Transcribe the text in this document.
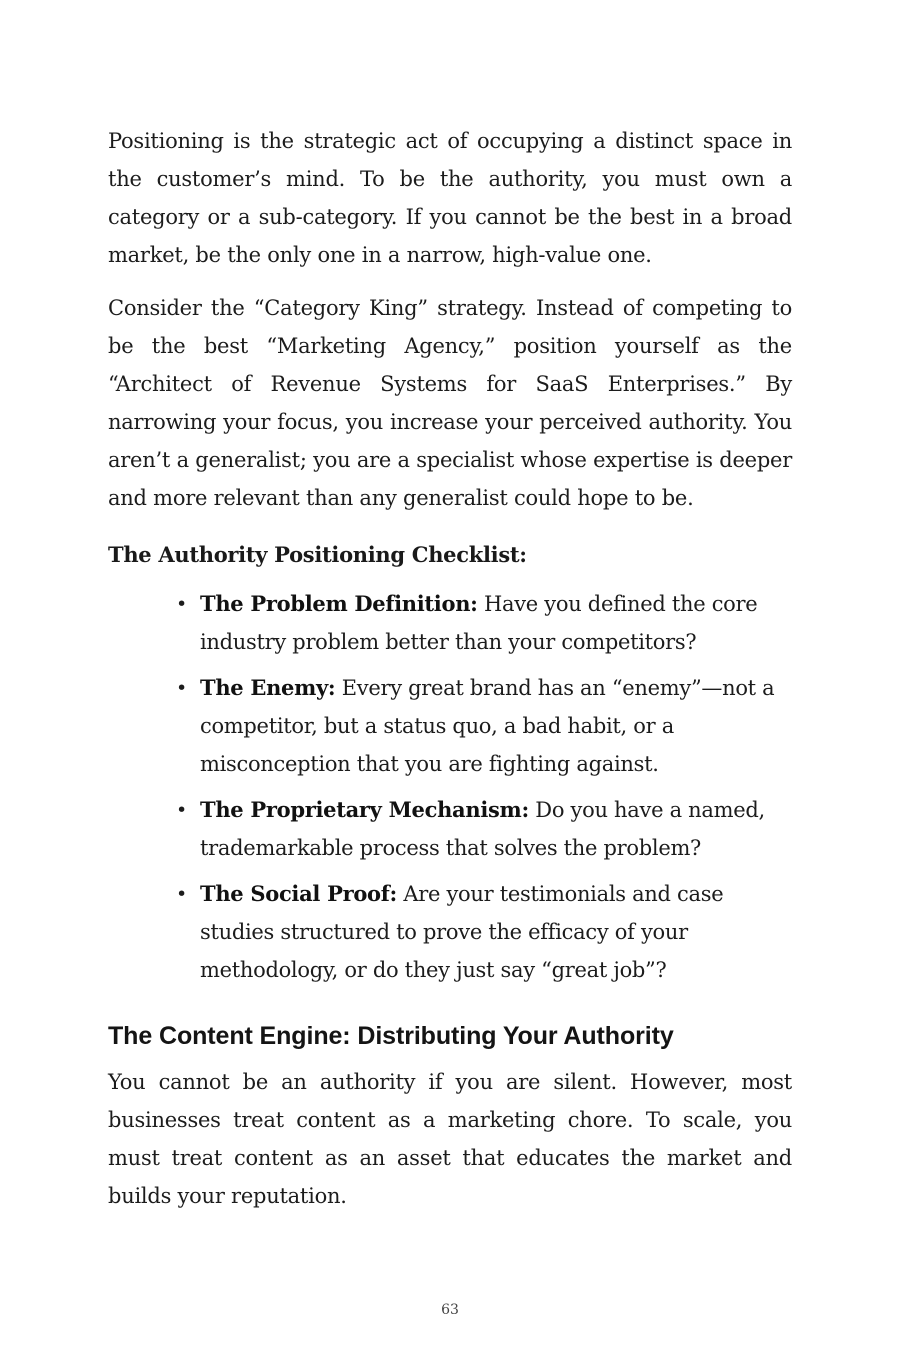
Positioning is the strategic act of occupying a distinct space in the customer’s mind. To be the authority, you must own a category or a sub-category. If you cannot be the best in a broad market, be the only one in a narrow, high-value one.

Consider the “Category King” strategy. Instead of competing to be the best “Marketing Agency,” position yourself as the “Architect of Revenue Systems for SaaS Enterprises.” By narrowing your focus, you increase your perceived authority. You aren’t a generalist; you are a specialist whose expertise is deeper and more relevant than any generalist could hope to be.

The Authority Positioning Checklist:
• The Problem Definition: Have you defined the core industry problem better than your competitors?
• The Enemy: Every great brand has an “enemy”—not a competitor, but a status quo, a bad habit, or a misconception that you are fighting against.
• The Proprietary Mechanism: Do you have a named, trademarkable process that solves the problem?
• The Social Proof: Are your testimonials and case studies structured to prove the efficacy of your methodology, or do they just say “great job”?
The Content Engine: Distributing Your Authority

You cannot be an authority if you are silent. However, most businesses treat content as a marketing chore. To scale, you must treat content as an asset that educates the market and builds your reputation.

63
